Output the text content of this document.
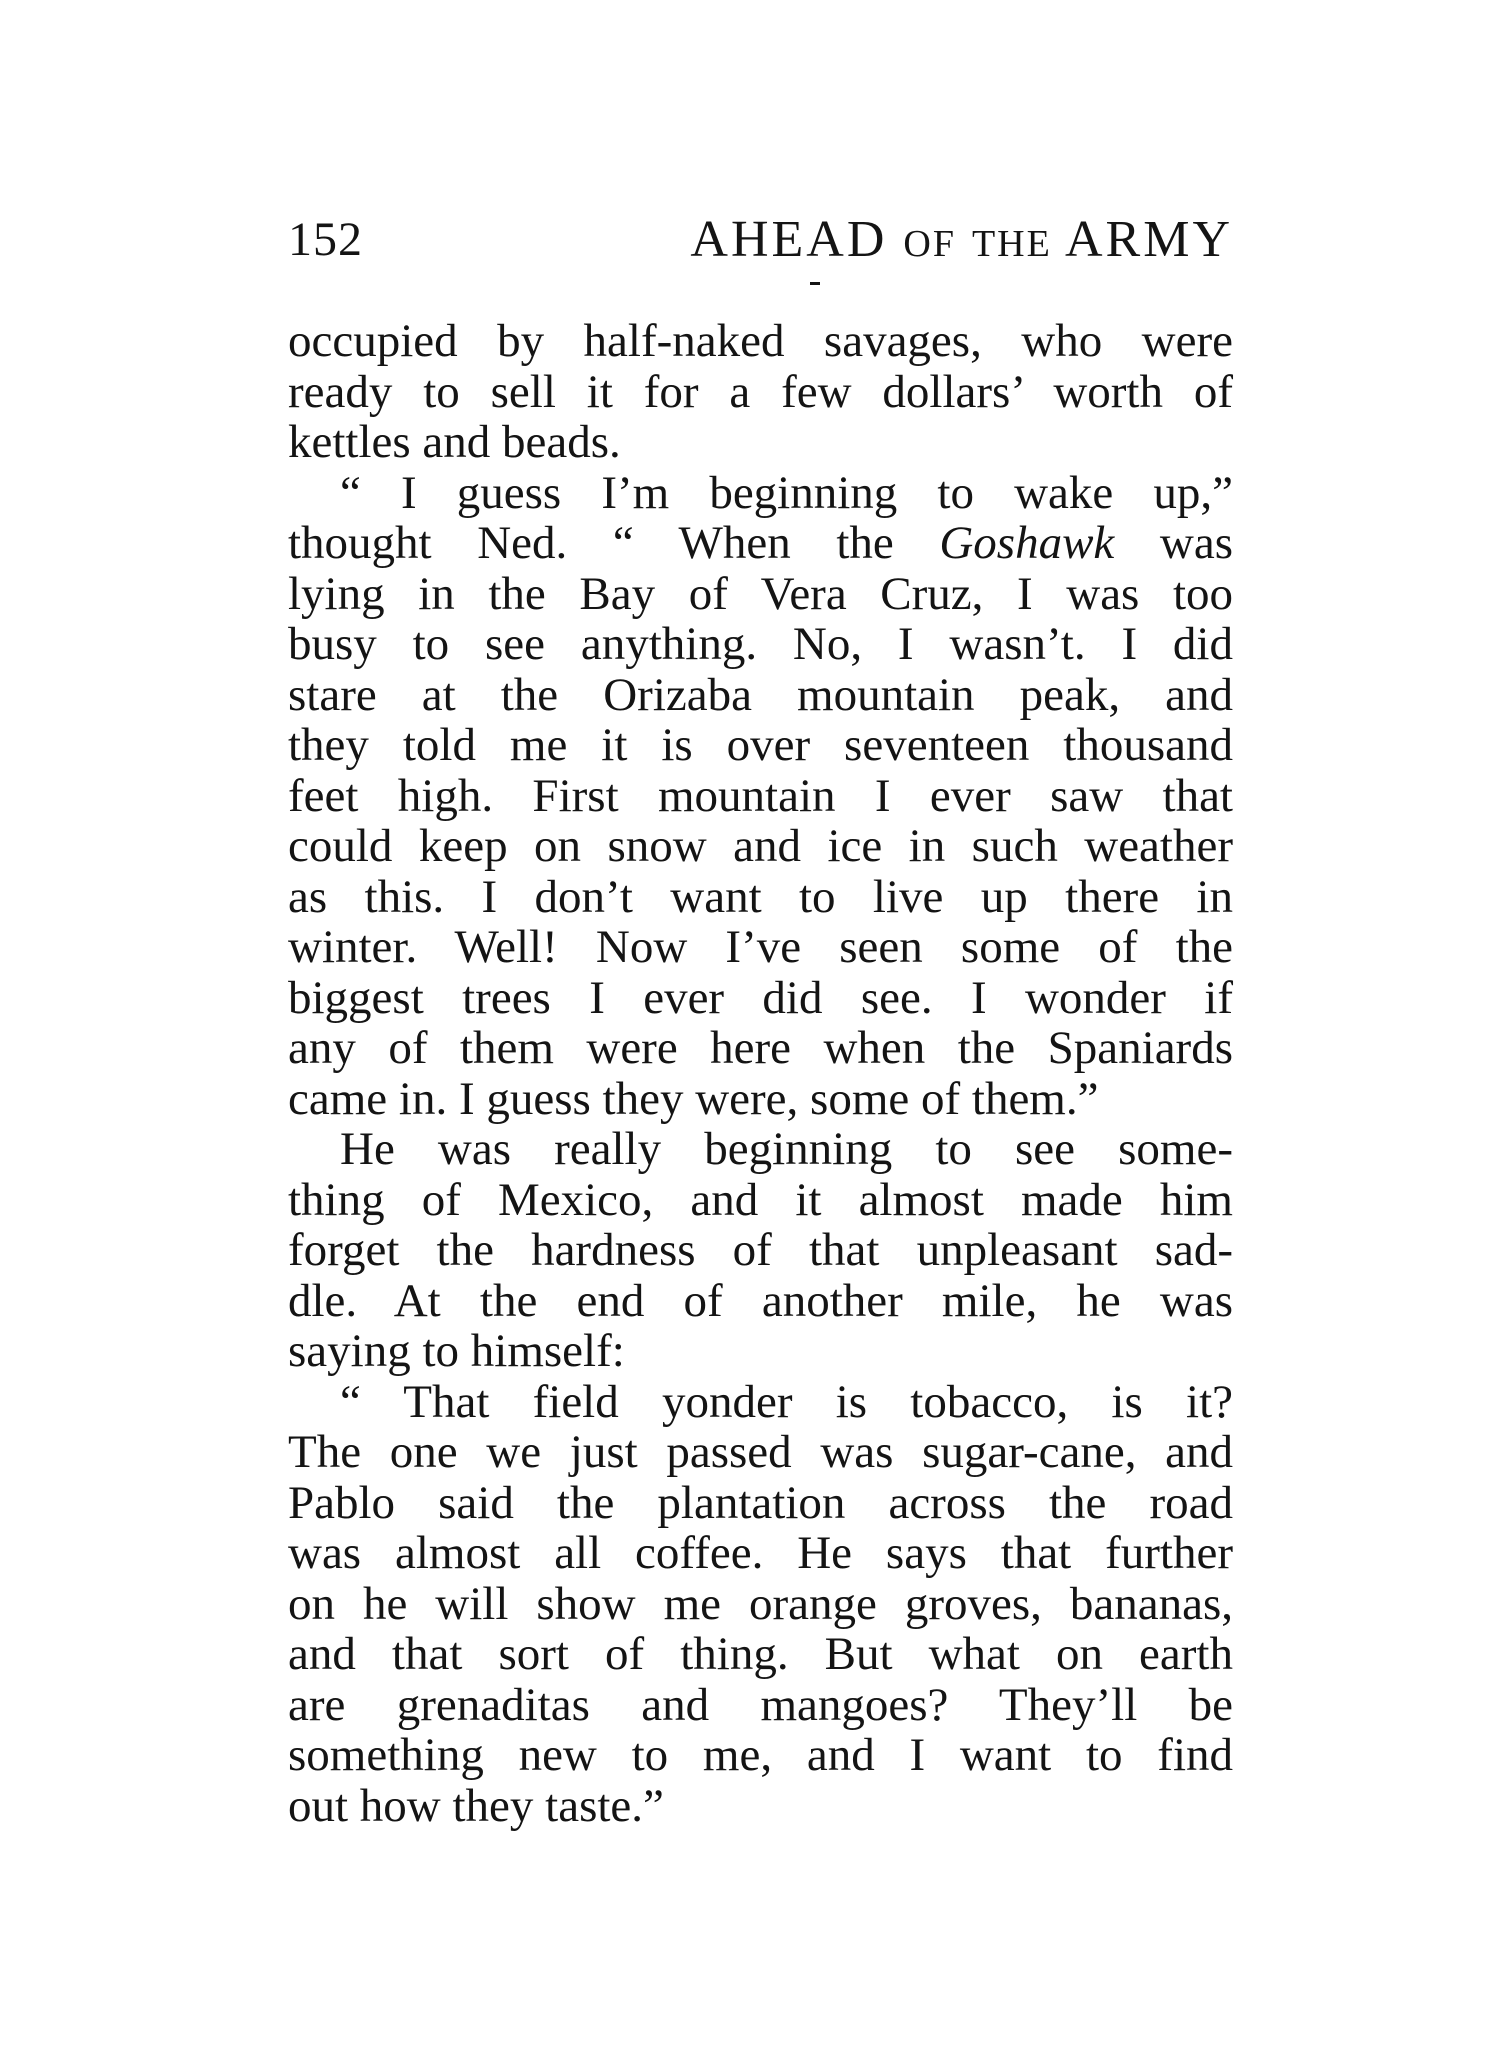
152	AHEAD OF THE ARMY
occupied by half-naked savages, who were
ready to sell it for a few dollars’ worth of
kettles and beads.
“ I guess I’m beginning to wake up,”
thought Ned. “ When the Goshawk was
lying in the Bay of Vera Cruz, I was too
busy to see anything. No, I wasn’t. I did
stare at the Orizaba mountain peak, and
they told me it is over seventeen thousand
feet high. First mountain I ever saw that
could keep on snow and ice in such weather
as this. I don’t want to live up there in
winter. Well! Now I’ve seen some of the
biggest trees I ever did see. I wonder if
any of them were here when the Spaniards
came in. I guess they were, some of them.”
He was really beginning to see some-
thing of Mexico, and it almost made him
forget the hardness of that unpleasant sad-
dle. At the end of another mile, he was
saying to himself:
“ That field yonder is tobacco, is it?
The one we just passed was sugar-cane, and
Pablo said the plantation across the road
was almost all coffee. He says that further
on he will show me orange groves, bananas,
and that sort of thing. But what on earth
are grenaditas and mangoes? They’ll be
something new to me, and I want to find
out how they taste.”
